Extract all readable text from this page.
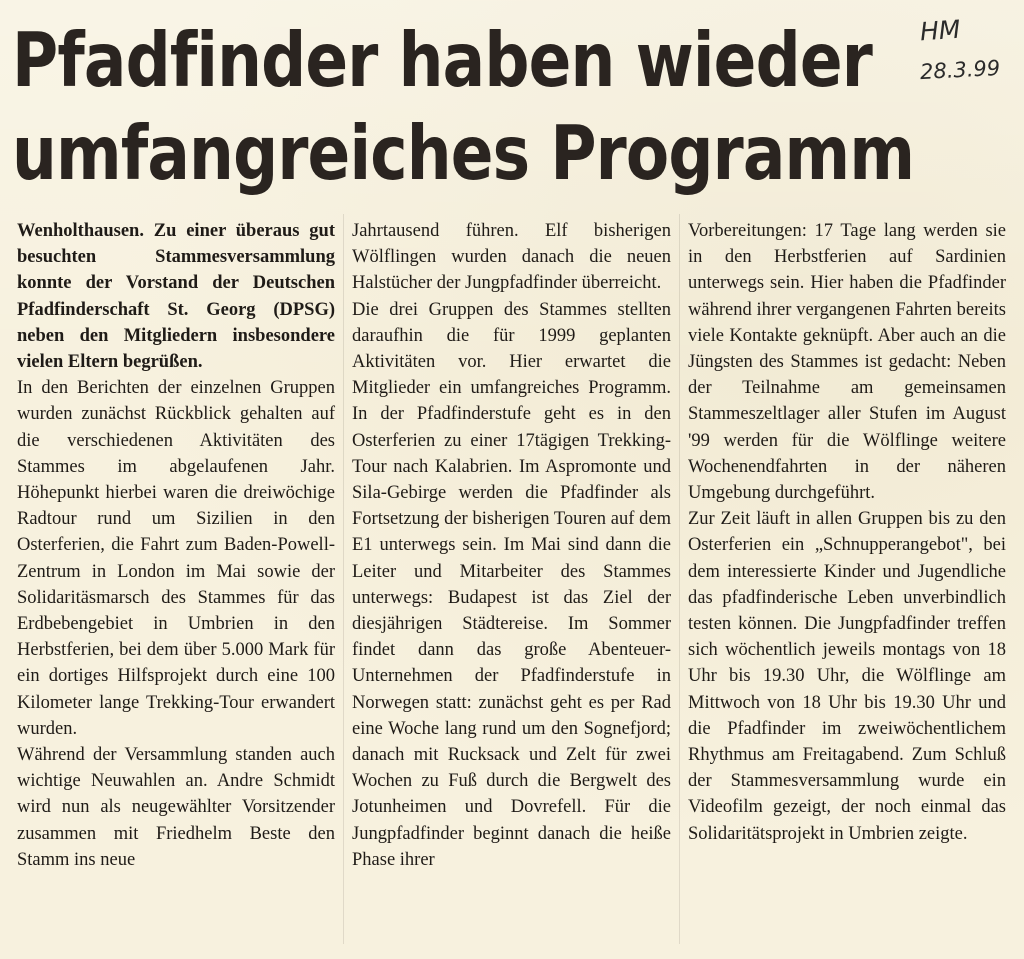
Pfadfinder haben wieder
umfangreiches Programm
HM
28.3.99

Wenholthausen. Zu einer überaus gut besuchten Stammesversammlung konnte der Vorstand der Deutschen Pfadfinderschaft St. Georg (DPSG) neben den Mitgliedern insbesondere vielen Eltern begrüßen.

In den Berichten der einzelnen Gruppen wurden zunächst Rückblick gehalten auf die verschiedenen Aktivitäten des Stammes im abgelaufenen Jahr. Höhepunkt hierbei waren die dreiwöchige Radtour rund um Sizilien in den Osterferien, die Fahrt zum Baden-Powell-Zentrum in London im Mai sowie der Solidaritäsmarsch des Stammes für das Erdbebengebiet in Umbrien in den Herbstferien, bei dem über 5.000 Mark für ein dortiges Hilfsprojekt durch eine 100 Kilometer lange Trekking-Tour erwandert wurden.

Während der Versammlung standen auch wichtige Neuwahlen an. Andre Schmidt wird nun als neugewählter Vorsitzender zusammen mit Friedhelm Beste den Stamm ins neue

Jahrtausend führen. Elf bisherigen Wölflingen wurden danach die neuen Halstücher der Jungpfadfinder überreicht.

Die drei Gruppen des Stammes stellten daraufhin die für 1999 geplanten Aktivitäten vor. Hier erwartet die Mitglieder ein umfangreiches Programm. In der Pfadfinderstufe geht es in den Osterferien zu einer 17tägigen Trekking-Tour nach Kalabrien. Im Aspromonte und Sila-Gebirge werden die Pfadfinder als Fortsetzung der bisherigen Touren auf dem E1 unterwegs sein. Im Mai sind dann die Leiter und Mitarbeiter des Stammes unterwegs: Budapest ist das Ziel der diesjährigen Städtereise. Im Sommer findet dann das große Abenteuer-Unternehmen der Pfadfinderstufe in Norwegen statt: zunächst geht es per Rad eine Woche lang rund um den Sognefjord; danach mit Rucksack und Zelt für zwei Wochen zu Fuß durch die Bergwelt des Jotunheimen und Dovrefell. Für die Jungpfadfinder beginnt danach die heiße Phase ihrer

Vorbereitungen: 17 Tage lang werden sie in den Herbstferien auf Sardinien unterwegs sein. Hier haben die Pfadfinder während ihrer vergangenen Fahrten bereits viele Kontakte geknüpft. Aber auch an die Jüngsten des Stammes ist gedacht: Neben der Teilnahme am gemeinsamen Stammeszeltlager aller Stufen im August '99 werden für die Wölflinge weitere Wochenendfahrten in der näheren Umgebung durchgeführt.

Zur Zeit läuft in allen Gruppen bis zu den Osterferien ein „Schnupperangebot", bei dem interessierte Kinder und Jugendliche das pfadfinderische Leben unverbindlich testen können. Die Jungpfadfinder treffen sich wöchentlich jeweils montags von 18 Uhr bis 19.30 Uhr, die Wölflinge am Mittwoch von 18 Uhr bis 19.30 Uhr und die Pfadfinder im zweiwöchentlichem Rhythmus am Freitagabend. Zum Schluß der Stammesversammlung wurde ein Videofilm gezeigt, der noch einmal das Solidaritätsprojekt in Umbrien zeigte.
